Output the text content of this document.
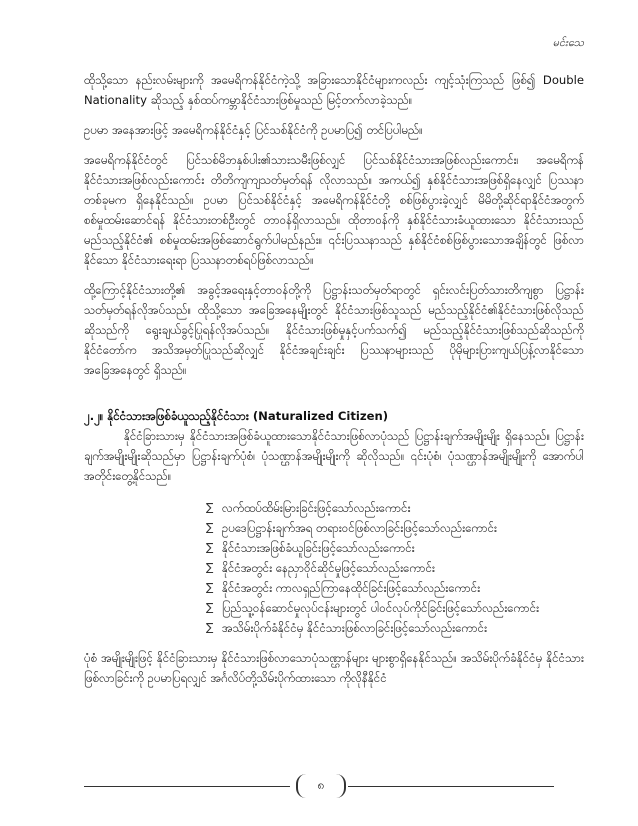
မင်းသေ

ထိုသို့သော နည်းလမ်းများကို အမေရိကန်နိုင်ငံကဲ့သို့ အခြားသောနိုင်ငံများကလည်း ကျင့်သုံးကြသည် ဖြစ်၍ Double Nationality ဆိုသည့် နှစ်ထပ်ကမ္ဘာနိုင်ငံသားဖြစ်မှုသည် မြင့်တက်လာခဲ့သည်။

ဥပမာ အနေအားဖြင့် အမေရိကန်နိုင်ငံနှင့် ပြင်သစ်နိုင်ငံကို ဥပမာပြ၍ တင်ပြပါမည်။

အမေရိကန်နိုင်ငံတွင် ပြင်သစ်မိဘနှစ်ပါး၏သားသမီးဖြစ်လျှင် ပြင်သစ်နိုင်ငံသားအဖြစ်လည်းကောင်း၊ အမေရိကန်နိုင်ငံသားအဖြစ်လည်းကောင်း တိတိကျကျသတ်မှတ်ရန် လိုလာသည်။ အကယ်၍ နှစ်နိုင်ငံသားအဖြစ်ရှိနေလျှင် ပြဿနာတစ်ခုမက ရှိနေနိုင်သည်။ ဥပမာ ပြင်သစ်နိုင်ငံနှင့် အမေရိကန်နိုင်ငံတို့ စစ်ဖြစ်ပွားခဲ့လျှင် မိမိတို့ဆိုင်ရာနိုင်ငံအတွက် စစ်မှုထမ်းဆောင်ရန် နိုင်ငံသားတစ်ဦးတွင် တာဝန်ရှိလာသည်။ ထိုတာဝန်ကို နှစ်နိုင်ငံသားခံယူထားသော နိုင်ငံသားသည် မည်သည့်နိုင်ငံ၏ စစ်မှုထမ်းအဖြစ်ဆောင်ရွက်ပါမည်နည်း။ ၎င်းပြဿနာသည် နှစ်နိုင်ငံစစ်ဖြစ်ပွားသောအချိန်တွင် ဖြစ်လာနိုင်သော နိုင်ငံသားရေးရာ ပြဿနာတစ်ရပ်ဖြစ်လာသည်။

ထို့ကြောင့်နိုင်ငံသားတို့၏ အခွင့်အရေးနှင့်တာဝန်တို့ကို ပြဋ္ဌာန်းသတ်မှတ်ရာတွင် ရှင်းလင်းပြတ်သားတိကျစွာ ပြဋ္ဌာန်းသတ်မှတ်ရန်လိုအပ်သည်။ ထိုသို့သော အခြေအနေမျိုးတွင် နိုင်ငံသားဖြစ်သူသည် မည်သည့်နိုင်ငံ၏နိုင်ငံသားဖြစ်လိုသည် ဆိုသည်ကို ရွေးချယ်ခွင့်ပြုရန်လိုအပ်သည်။ နိုင်ငံသားဖြစ်မှုနှင့်ပက်သက်၍ မည်သည့်နိုင်ငံသားဖြစ်သည်ဆိုသည်ကို နိုင်ငံတော်က အသိအမှတ်ပြုသည်ဆိုလျှင် နိုင်ငံအချင်းချင်း ပြဿနာများသည် ပိုမိုများပြားကျယ်ပြန့်လာနိုင်သော အခြေအနေတွင် ရှိသည်။

၂.၂။ နိုင်ငံသားအဖြစ်ခံယူသည့်နိုင်ငံသား (Naturalized Citizen)

နိုင်ငံခြားသားမှ နိုင်ငံသားအဖြစ်ခံယူထားသောနိုင်ငံသားဖြစ်လာပုံသည် ပြဋ္ဌာန်းချက်အမျိုးမျိုး ရှိနေသည်။ ပြဋ္ဌာန်းချက်အမျိုးမျိုးဆိုသည်မှာ ပြဋ္ဌာန်းချက်ပုံစံ၊ ပုံသဏ္ဌာန်အမျိုးမျိုးကို ဆိုလိုသည်။ ၎င်းပုံစံ၊ ပုံသဏ္ဌာန်အမျိုးမျိုးကို အောက်ပါအတိုင်းတွေ့နိုင်သည်။

∑ လက်ထပ်ထိမ်းမြားခြင်းဖြင့်သော်လည်းကောင်း
∑ ဥပဒေပြဋ္ဌာန်းချက်အရ တရားဝင်ဖြစ်လာခြင်းဖြင့်သော်လည်းကောင်း
∑ နိုင်ငံသားအဖြစ်ခံယူခြင်းဖြင့်သော်လည်းကောင်း
∑ နိုင်ငံအတွင်း နေညှာဝိုင်ဆိုင်မှုဖြင့်သော်လည်းကောင်း
∑ နိုင်ငံအတွင်း ကာလရှည်ကြာနေထိုင်ခြင်းဖြင့်သော်လည်းကောင်း
∑ ပြည်သူ့ဝန်ဆောင်မှုလုပ်ငန်းများတွင် ပါဝင်လုပ်ကိုင်ခြင်းဖြင့်သော်လည်းကောင်း
∑ အသိမ်းပိုက်ခံနိုင်ငံမှ နိုင်ငံသားဖြစ်လာခြင်းဖြင့်သော်လည်းကောင်း

ပုံစံ အမျိုးမျိုးဖြင့် နိုင်ငံခြားသားမှ နိုင်ငံသားဖြစ်လာသောပုံသဏ္ဌာန်များ များစွာရှိနေနိုင်သည်။ အသိမ်းပိုက်ခံနိုင်ငံမှ နိုင်ငံသားဖြစ်လာခြင်းကို ဥပမာပြရလျှင် အင်္ဂလိပ်တို့သိမ်းပိုက်ထားသော ကိုလိုနီနိုင်ငံ

၈
